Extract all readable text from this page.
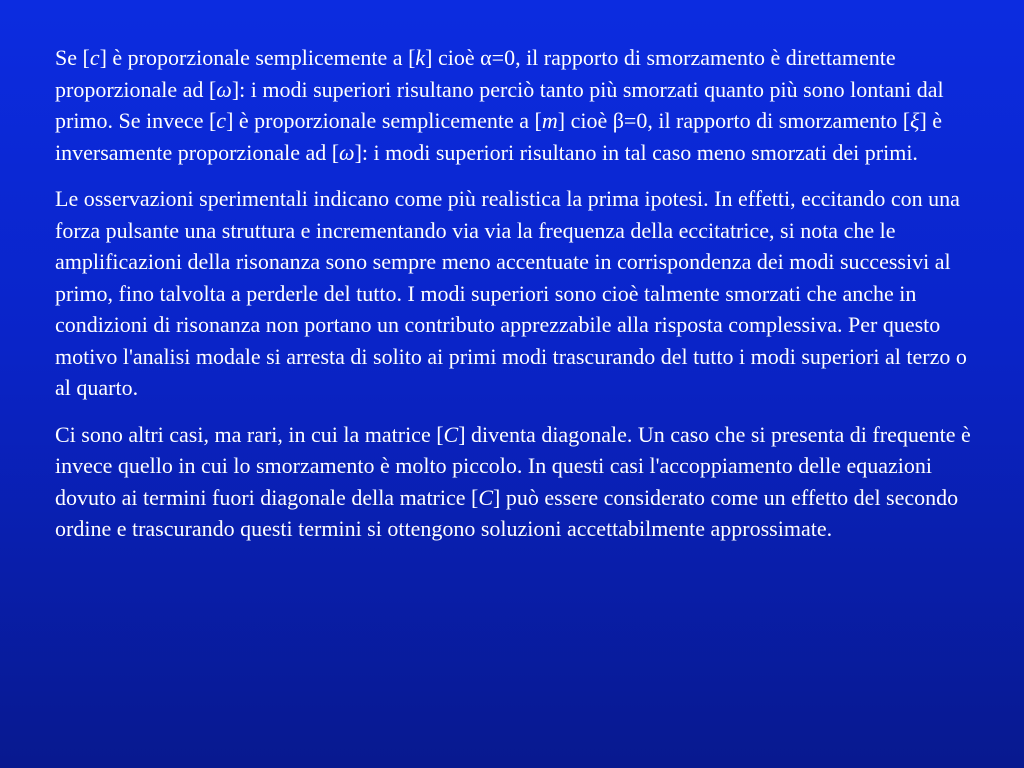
Se [c] è proporzionale semplicemente a [k] cioè α=0, il rapporto di smorzamento è direttamente proporzionale ad [ω]: i modi superiori risultano perciò tanto più smorzati quanto più sono lontani dal primo. Se invece [c] è proporzionale semplicemente a [m] cioè β=0, il rapporto di smorzamento [ξ] è inversamente proporzionale ad [ω]: i modi superiori risultano in tal caso meno smorzati dei primi.

Le osservazioni sperimentali indicano come più realistica la prima ipotesi. In effetti, eccitando con una forza pulsante una struttura e incrementando via via la frequenza della eccitatrice, si nota che le amplificazioni della risonanza sono sempre meno accentuate in corrispondenza dei modi successivi al primo, fino talvolta a perderle del tutto. I modi superiori sono cioè talmente smorzati che anche in condizioni di risonanza non portano un contributo apprezzabile alla risposta complessiva. Per questo motivo l'analisi modale si arresta di solito ai primi modi trascurando del tutto i modi superiori al terzo o al quarto.

Ci sono altri casi, ma rari, in cui la matrice [C] diventa diagonale. Un caso che si presenta di frequente è invece quello in cui lo smorzamento è molto piccolo. In questi casi l'accoppiamento delle equazioni dovuto ai termini fuori diagonale della matrice [C] può essere considerato come un effetto del secondo ordine e trascurando questi termini si ottengono soluzioni accettabilmente approssimate.
